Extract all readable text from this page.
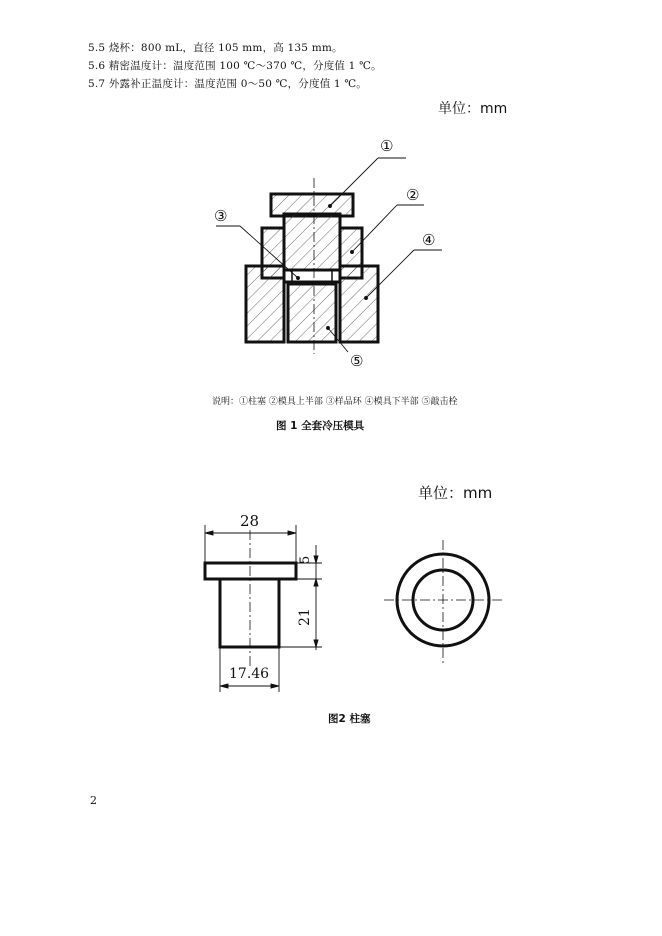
5.5 烧杯：800 mL，直径 105 mm，高 135 mm。
5.6 精密温度计：温度范围 100 ℃～370 ℃，分度值 1 ℃。
5.7 外露补正温度计：温度范围 0～50 ℃，分度值 1 ℃。
单位：mm
①
②
③
④
⑤
说明：①柱塞 ②模具上半部 ③样品环 ④模具下半部 ⑤敲击栓
图 1 全套冷压模具
单位：mm
28
5
21
17.46
图2 柱塞
2
